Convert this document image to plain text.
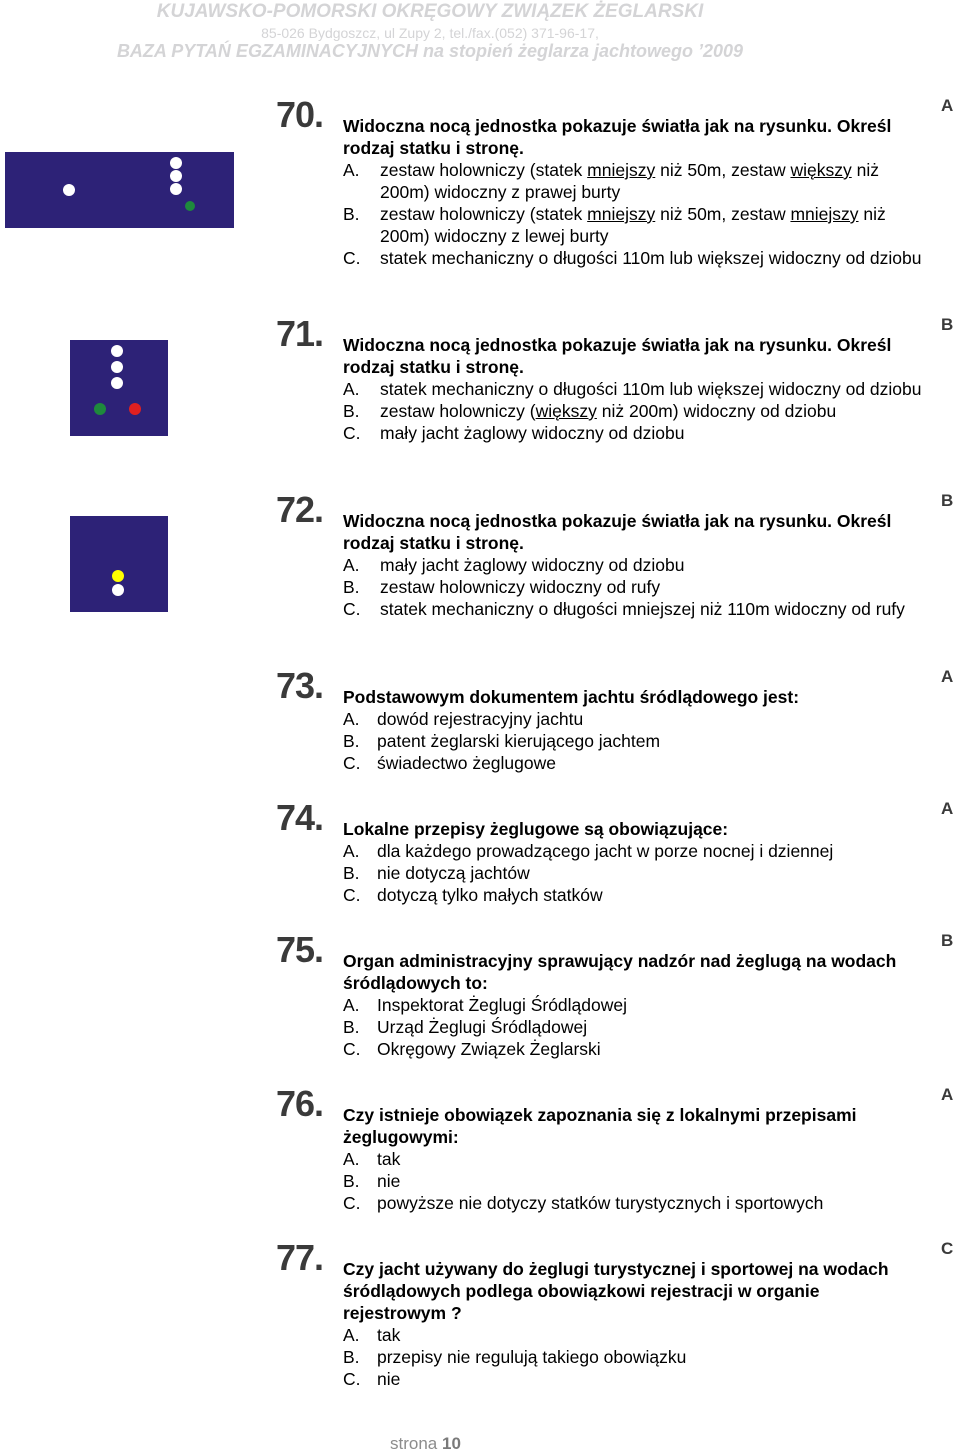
KUJAWSKO-POMORSKI OKRĘGOWY ZWIĄZEK ŻEGLARSKI
85-026 Bydgoszcz, ul Zupy 2, tel./fax.(052) 371-96-17,
BAZA PYTAŃ EGZAMINACYJNYCH na stopień żeglarza jachtowego ’2009
70. Widoczna nocą jednostka pokazuje światła jak na rysunku. Określ rodzaj statku i stronę.
A.	zestaw holowniczy (statek mniejszy niż 50m, zestaw większy niż 200m) widoczny z prawej burty
B.	zestaw holowniczy (statek mniejszy niż 50m, zestaw mniejszy niż 200m) widoczny z lewej burty
C.	statek mechaniczny o długości 110m lub większej widoczny od dziobu
A
71. Widoczna nocą jednostka pokazuje światła jak na rysunku. Określ rodzaj statku i stronę.
A.	statek mechaniczny o długości 110m lub większej widoczny od dziobu
B.	zestaw holowniczy (większy niż 200m) widoczny od dziobu
C.	mały jacht żaglowy widoczny od dziobu
B
72. Widoczna nocą jednostka pokazuje światła jak na rysunku. Określ rodzaj statku i stronę.
A.	mały jacht żaglowy widoczny od dziobu
B.	zestaw holowniczy widoczny od rufy
C.	statek mechaniczny o długości mniejszej niż 110m widoczny od rufy
B
73. Podstawowym dokumentem jachtu śródlądowego jest:
A. dowód rejestracyjny jachtu
B. patent żeglarski kierującego jachtem
C. świadectwo żeglugowe
A
74. Lokalne przepisy żeglugowe są obowiązujące:
A. dla każdego prowadzącego jacht w porze nocnej i dziennej
B. nie dotyczą jachtów
C. dotyczą tylko małych statków
A
75. Organ administracyjny sprawujący nadzór nad żeglugą na wodach śródlądowych to:
A. Inspektorat Żeglugi Śródlądowej
B. Urząd Żeglugi Śródlądowej
C. Okręgowy Związek Żeglarski
B
76. Czy istnieje obowiązek zapoznania się z lokalnymi przepisami żeglugowymi:
A. tak
B. nie
C. powyższe nie dotyczy statków turystycznych i sportowych
A
77. Czy jacht używany do żeglugi turystycznej i sportowej na wodach śródlądowych podlega obowiązkowi rejestracji w organie rejestrowym ?
A. tak
B. przepisy nie regulują takiego obowiązku
C. nie
C
strona 10
